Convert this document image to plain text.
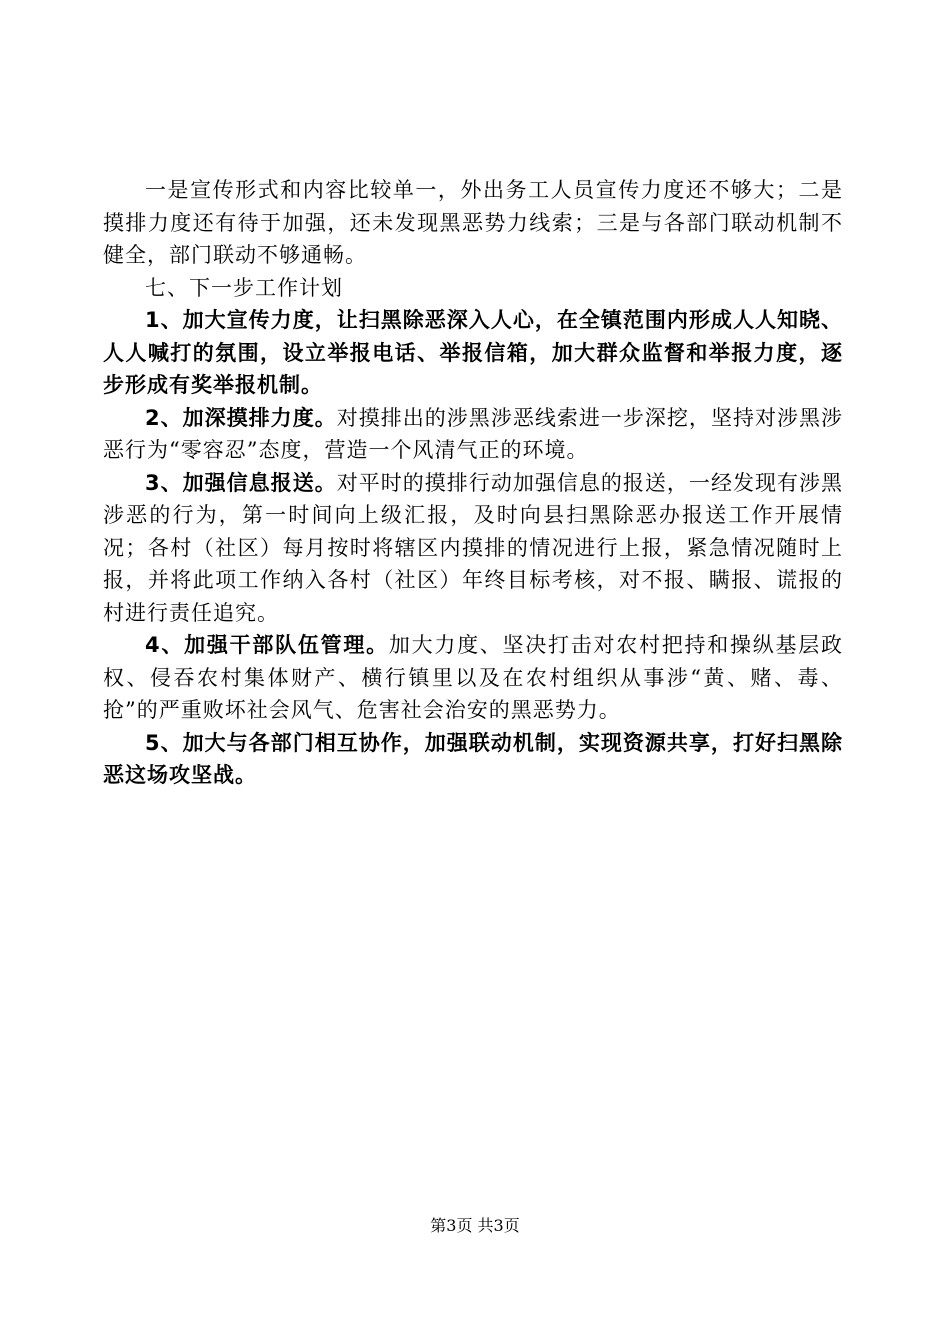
一是宣传形式和内容比较单一，外出务工人员宣传力度还不够大；二是摸排力度还有待于加强，还未发现黑恶势力线索；三是与各部门联动机制不健全，部门联动不够通畅。

七、下一步工作计划

1、加大宣传力度，让扫黑除恶深入人心，在全镇范围内形成人人知晓、人人喊打的氛围，设立举报电话、举报信箱，加大群众监督和举报力度，逐步形成有奖举报机制。

2、加深摸排力度。对摸排出的涉黑涉恶线索进一步深挖，坚持对涉黑涉恶行为“零容忍”态度，营造一个风清气正的环境。

3、加强信息报送。对平时的摸排行动加强信息的报送，一经发现有涉黑涉恶的行为，第一时间向上级汇报，及时向县扫黑除恶办报送工作开展情况；各村（社区）每月按时将辖区内摸排的情况进行上报，紧急情况随时上报，并将此项工作纳入各村（社区）年终目标考核，对不报、瞒报、谎报的村进行责任追究。

4、加强干部队伍管理。加大力度、坚决打击对农村把持和操纵基层政权、侵吞农村集体财产、横行镇里以及在农村组织从事涉“黄、赌、毒、抢”的严重败坏社会风气、危害社会治安的黑恶势力。

5、加大与各部门相互协作，加强联动机制，实现资源共享，打好扫黑除恶这场攻坚战。

第3页 共3页
